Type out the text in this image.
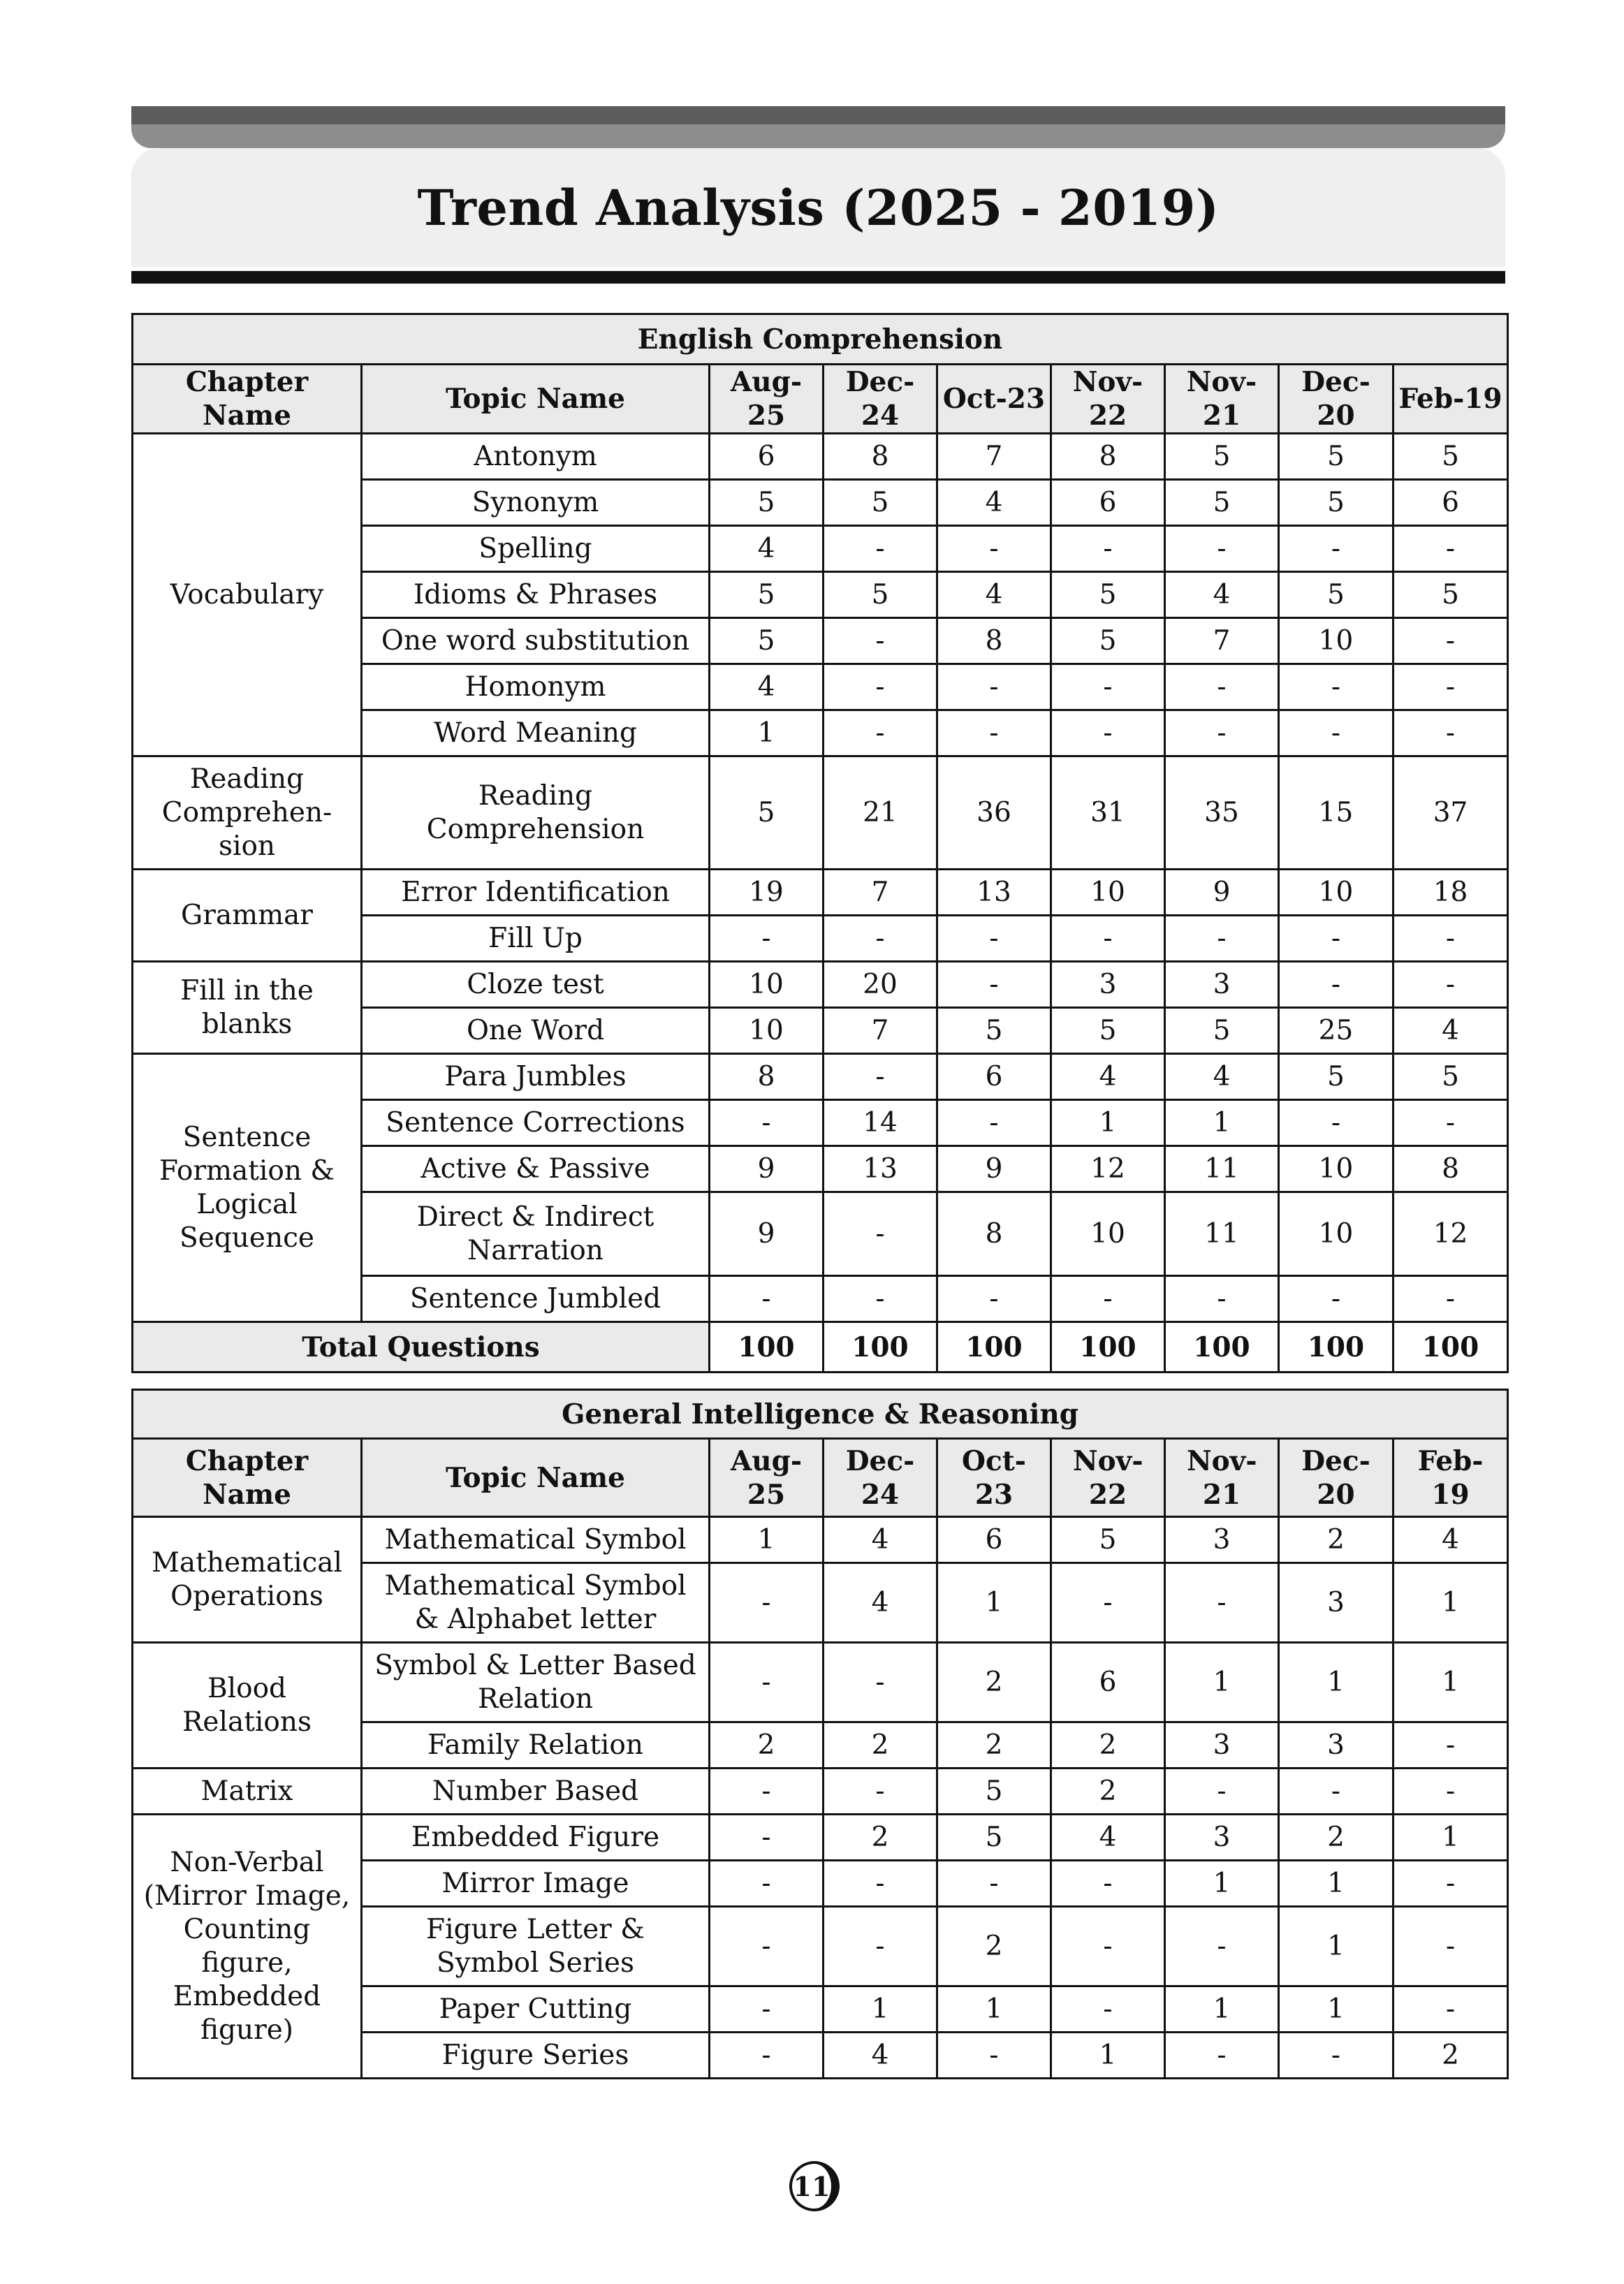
Trend Analysis (2025 - 2019)
English Comprehension								
Chapter Name	Topic Name	Aug-25	Dec-24	Oct-23	Nov-22	Nov-21	Dec-20	Feb-19
Vocabulary	Antonym	6	8	7	8	5	5	5
	Synonym	5	5	4	6	5	5	6
	Spelling	4	-	-	-	-	-	-
	Idioms & Phrases	5	5	4	5	4	5	5
	One word substitution	5	-	8	5	7	10	-
	Homonym	4	-	-	-	-	-	-
	Word Meaning	1	-	-	-	-	-	-
Reading Comprehen-sion	Reading Comprehension	5	21	36	31	35	15	37
Grammar	Error Identification	19	7	13	10	9	10	18
	Fill Up	-	-	-	-	-	-	-
Fill in the blanks	Cloze test	10	20	-	3	3	-	-
	One Word	10	7	5	5	5	25	4
Sentence Formation & Logical Sequence	Para Jumbles	8	-	6	4	4	5	5
	Sentence Corrections	-	14	-	1	1	-	-
	Active & Passive	9	13	9	12	11	10	8
	Direct & Indirect Narration	9	-	8	10	11	10	12
	Sentence Jumbled	-	-	-	-	-	-	-
Total Questions		100	100	100	100	100	100	100
General Intelligence & Reasoning								
Chapter Name	Topic Name	Aug-25	Dec-24	Oct-23	Nov-22	Nov-21	Dec-20	Feb-19
Mathematical Operations	Mathematical Symbol	1	4	6	5	3	2	4
	Mathematical Symbol & Alphabet letter	-	4	1	-	-	3	1
Blood Relations	Symbol & Letter Based Relation	-	-	2	6	1	1	1
	Family Relation	2	2	2	2	3	3	-
Matrix	Number Based	-	-	5	2	-	-	-
Non-Verbal (Mirror Image, Counting figure, Embedded figure)	Embedded Figure	-	2	5	4	3	2	1
	Mirror Image	-	-	-	-	1	1	-
	Figure Letter & Symbol Series	-	-	2	-	-	1	-
	Paper Cutting	-	1	1	-	1	1	-
	Figure Series	-	4	-	1	-	-	2
11
